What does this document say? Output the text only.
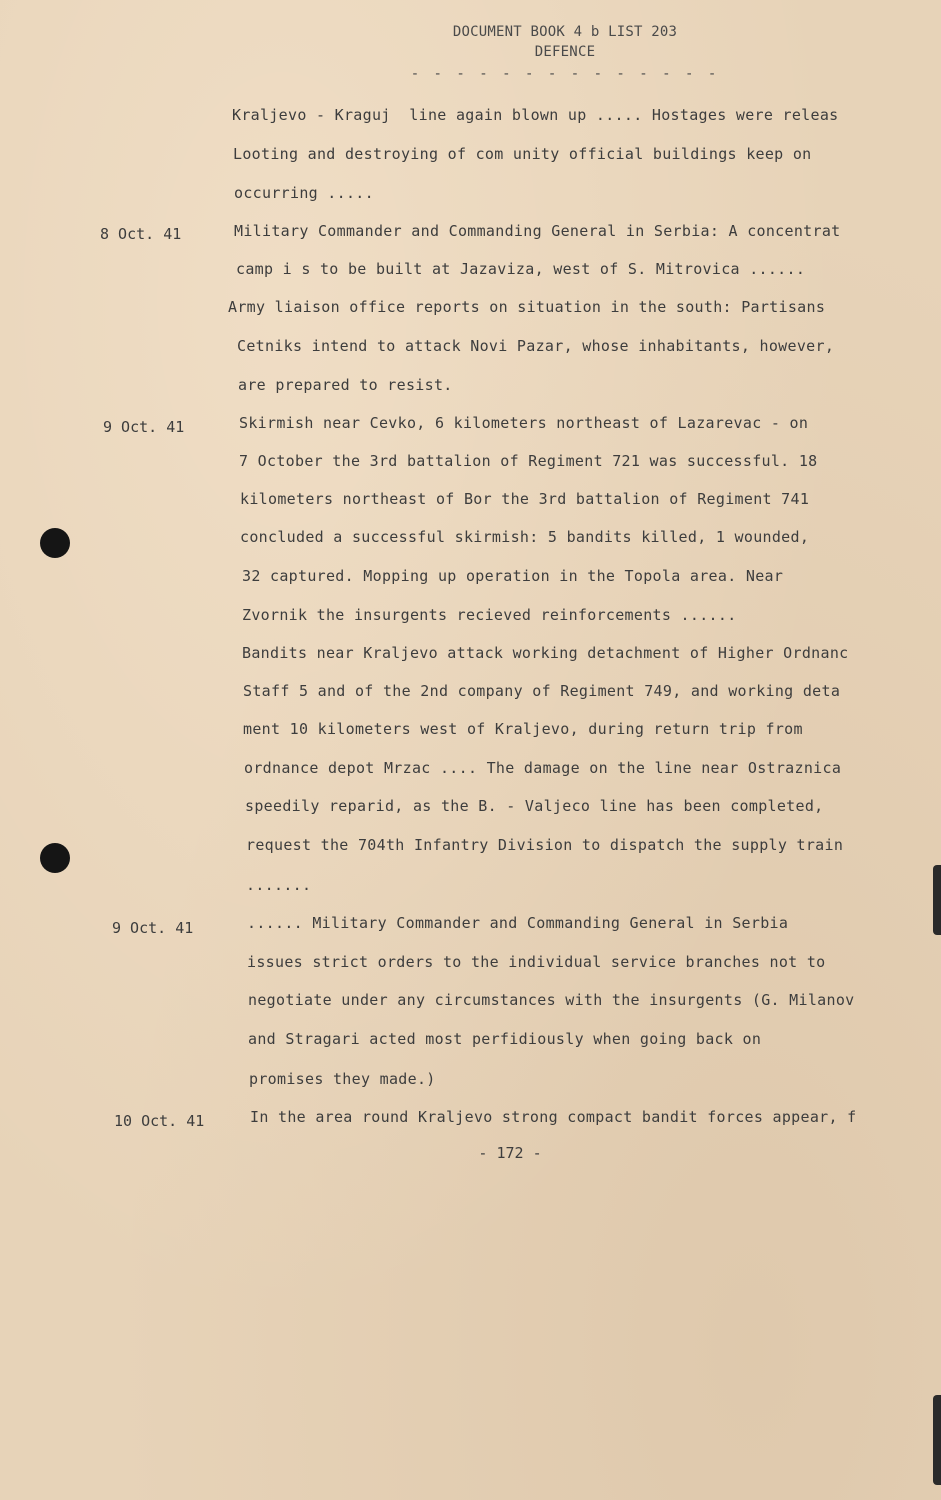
DOCUMENT BOOK 4 b LIST 203
DEFENCE
- - - - - - - - - - - - - -
Kraljevo - Kraguj  line again blown up ..... Hostages were releas
Looting and destroying of com unity official buildings keep on
occurring .....
8 Oct. 41	Military Commander and Commanding General in Serbia: A concentrat
camp i s to be built at Jazaviza, west of S. Mitrovica ......
Army liaison office reports on situation in the south: Partisans
Cetniks intend to attack Novi Pazar, whose inhabitants, however,
are prepared to resist.
9 Oct. 41	Skirmish near Cevko, 6 kilometers northeast of Lazarevac - on
7 October the 3rd battalion of Regiment 721 was successful. 18
kilometers northeast of Bor the 3rd battalion of Regiment 741
concluded a successful skirmish: 5 bandits killed, 1 wounded,
32 captured. Mopping up operation in the Topola area. Near
Zvornik the insurgents recieved reinforcements ......
Bandits near Kraljevo attack working detachment of Higher Ordnanc
Staff 5 and of the 2nd company of Regiment 749, and working deta
ment 10 kilometers west of Kraljevo, during return trip from
ordnance depot Mrzac .... The damage on the line near Ostraznica
speedily reparid, as the B. - Valjeco line has been completed,
request the 704th Infantry Division to dispatch the supply train
.......
9 Oct. 41	...... Military Commander and Commanding General in Serbia
issues strict orders to the individual service branches not to
negotiate under any circumstances with the insurgents (G. Milanov
and Stragari acted most perfidiously when going back on
promises they made.)
10 Oct. 41	In the area round Kraljevo strong compact bandit forces appear, f
- 172 -
